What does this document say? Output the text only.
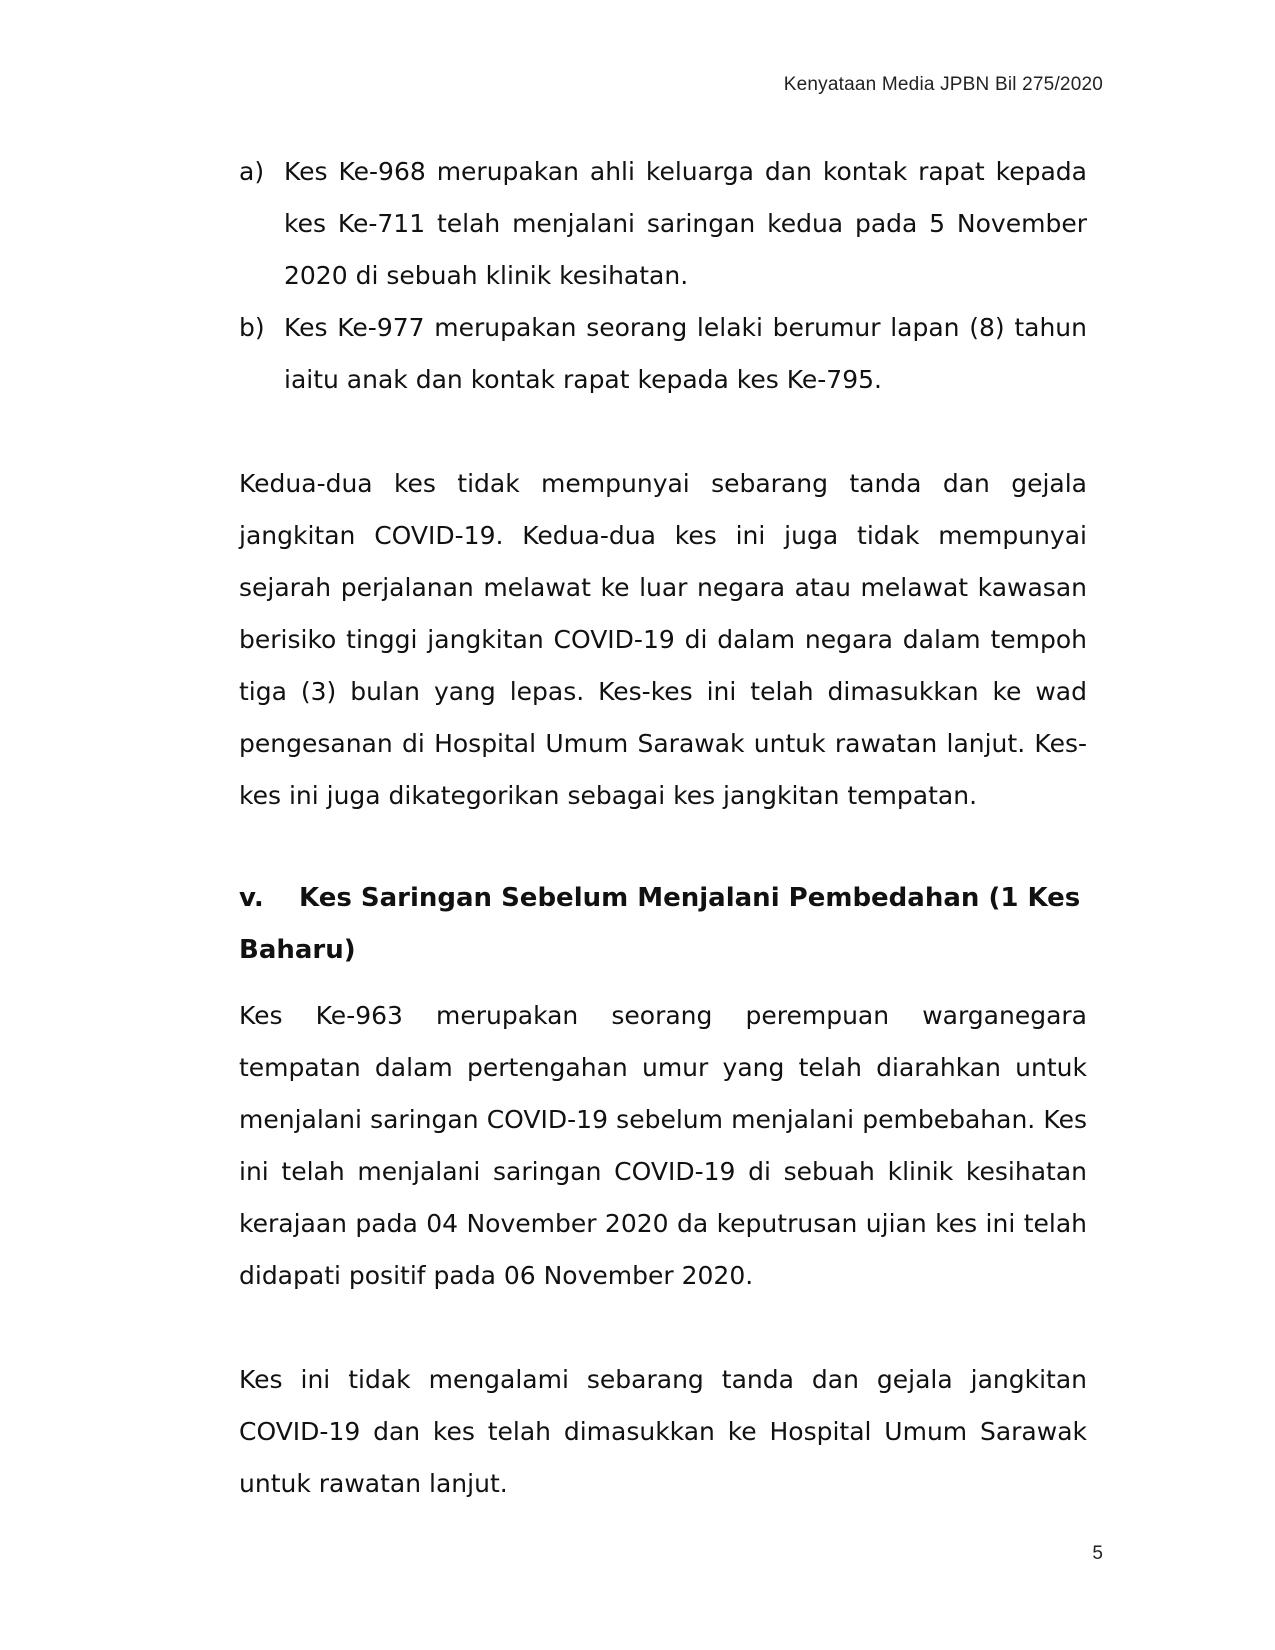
Kenyataan Media JPBN Bil 275/2020
a) Kes Ke-968 merupakan ahli keluarga dan kontak rapat kepada kes Ke-711 telah menjalani saringan kedua pada 5 November 2020 di sebuah klinik kesihatan.
b) Kes Ke-977 merupakan seorang lelaki berumur lapan (8) tahun iaitu anak dan kontak rapat kepada kes Ke-795.

Kedua-dua kes tidak mempunyai sebarang tanda dan gejala jangkitan COVID-19. Kedua-dua kes ini juga tidak mempunyai sejarah perjalanan melawat ke luar negara atau melawat kawasan berisiko tinggi jangkitan COVID-19 di dalam negara dalam tempoh tiga (3) bulan yang lepas. Kes-kes ini telah dimasukkan ke wad pengesanan di Hospital Umum Sarawak untuk rawatan lanjut. Kes-kes ini juga dikategorikan sebagai kes jangkitan tempatan.

v. Kes Saringan Sebelum Menjalani Pembedahan (1 Kes Baharu)

Kes Ke-963 merupakan seorang perempuan warganegara tempatan dalam pertengahan umur yang telah diarahkan untuk menjalani saringan COVID-19 sebelum menjalani pembebahan. Kes ini telah menjalani saringan COVID-19 di sebuah klinik kesihatan kerajaan pada 04 November 2020 da keputrusan ujian kes ini telah didapati positif pada 06 November 2020.

Kes ini tidak mengalami sebarang tanda dan gejala jangkitan COVID-19 dan kes telah dimasukkan ke Hospital Umum Sarawak untuk rawatan lanjut.

5
